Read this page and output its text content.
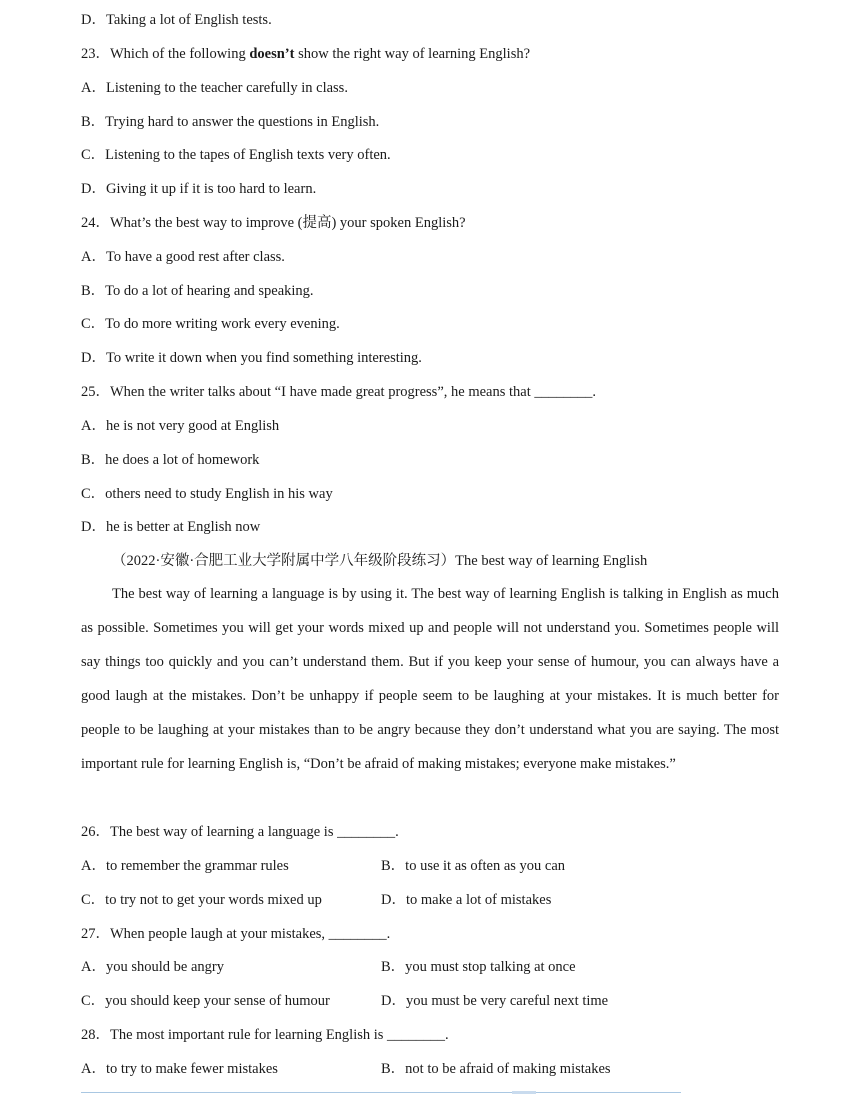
D．Taking a lot of English tests.
23．Which of the following doesn’t show the right way of learning English?
A．Listening to the teacher carefully in class.
B．Trying hard to answer the questions in English.
C．Listening to the tapes of English texts very often.
D．Giving it up if it is too hard to learn.
24．What’s the best way to improve (提高) your spoken English?
A．To have a good rest after class.
B．To do a lot of hearing and speaking.
C．To do more writing work every evening.
D．To write it down when you find something interesting.
25．When the writer talks about “I have made great progress”, he means that ________.
A．he is not very good at English
B．he does a lot of homework
C．others need to study English in his way
D．he is better at English now
（2022·安徽·合肥工业大学附属中学八年级阶段练习）The best way of learning English
The best way of learning a language is by using it. The best way of learning English is talking in English as much as possible. Sometimes you will get your words mixed up and people will not understand you. Sometimes people will say things too quickly and you can’t understand them. But if you keep your sense of humour, you can always have a good laugh at the mistakes. Don’t be unhappy if people seem to be laughing at your mistakes. It is much better for people to be laughing at your mistakes than to be angry because they don’t understand what you are saying. The most important rule for learning English is, “Don’t be afraid of making mistakes; everyone make mistakes.”
26．The best way of learning a language is ________.
A．to remember the grammar rules	B．to use it as often as you can
C．to try not to get your words mixed up	D．to make a lot of mistakes
27．When people laugh at your mistakes, ________.
A．you should be angry	B．you must stop talking at once
C．you should keep your sense of humour	D．you must be very careful next time
28．The most important rule for learning English is ________.
A．to try to make fewer mistakes	B．not to be afraid of making mistakes
